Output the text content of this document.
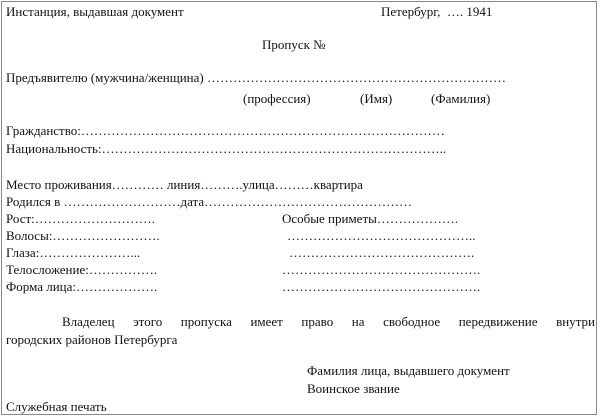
Инстанция, выдавшая документ	Петербург,  …. 1941
Пропуск №
Предъявителю (мужчина/женщина) ……………………………………………………………
(профессия)	(Имя)	(Фамилия)
Гражданство:…………………………………………………………………………
Национальность:……………………………………………………………………..
Место проживания………… линия……….улица………квартира
Родился в ………………………дата…………………………………………
Рост:……………………….	Особые приметы……………….
Волосы:…………………….	……………………………………..
Глаза:…………………...	…………………………………….
Телосложение:…………….	……………………………………….
Форма лица:……………….	……………………………………….
Владелец этого пропуска имеет право на свободное передвижение внутри
городских районов Петербурга
Фамилия лица, выдавшего документ
Воинское звание
Служебная печать
